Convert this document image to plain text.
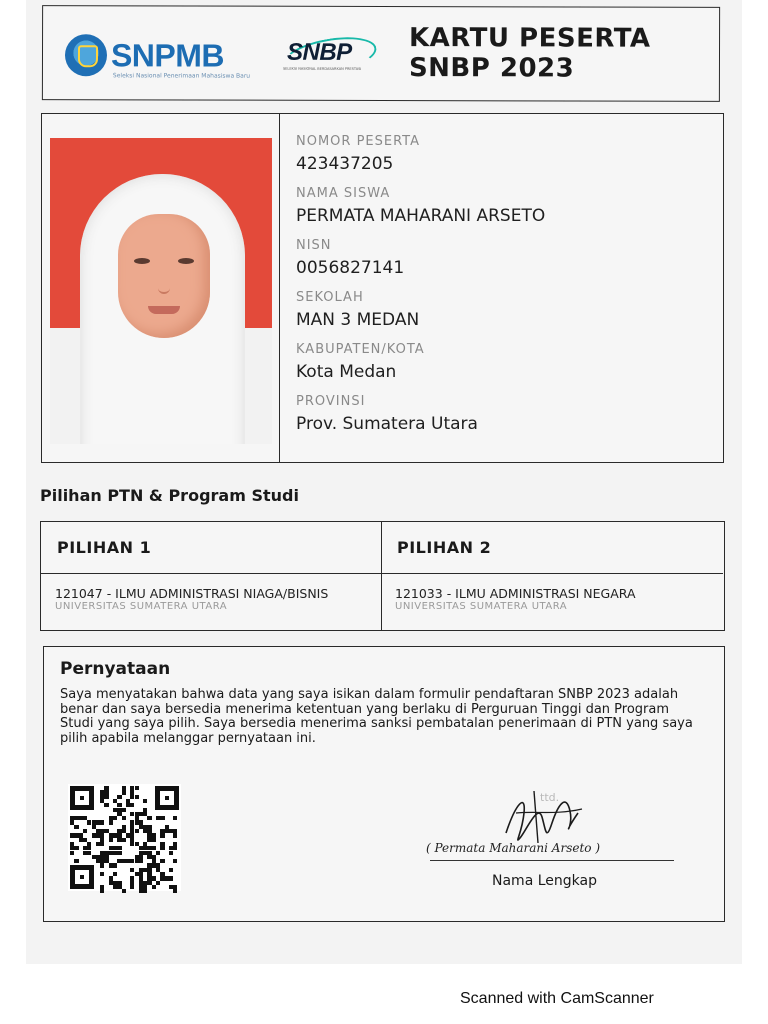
SNPMB
Seleksi Nasional Penerimaan Mahasiswa Baru
SNBP
SELEKSI NASIONAL BERDASARKAN PRESTASI
KARTU PESERTA
SNBP 2023
NOMOR PESERTA
423437205
NAMA SISWA
PERMATA MAHARANI ARSETO
NISN
0056827141
SEKOLAH
MAN 3 MEDAN
KABUPATEN/KOTA
Kota Medan
PROVINSI
Prov. Sumatera Utara
Pilihan PTN & Program Studi
PILIHAN 1
121047 - ILMU ADMINISTRASI NIAGA/BISNIS
UNIVERSITAS SUMATERA UTARA
PILIHAN 2
121033 - ILMU ADMINISTRASI NEGARA
UNIVERSITAS SUMATERA UTARA
Pernyataan
Saya menyatakan bahwa data yang saya isikan dalam formulir pendaftaran SNBP 2023 adalah benar dan saya bersedia menerima ketentuan yang berlaku di Perguruan Tinggi dan Program Studi yang saya pilih. Saya bersedia menerima sanksi pembatalan penerimaan di PTN yang saya pilih apabila melanggar pernyataan ini.
ttd.
( Permata Maharani Arseto )
Nama Lengkap
Scanned with CamScanner
